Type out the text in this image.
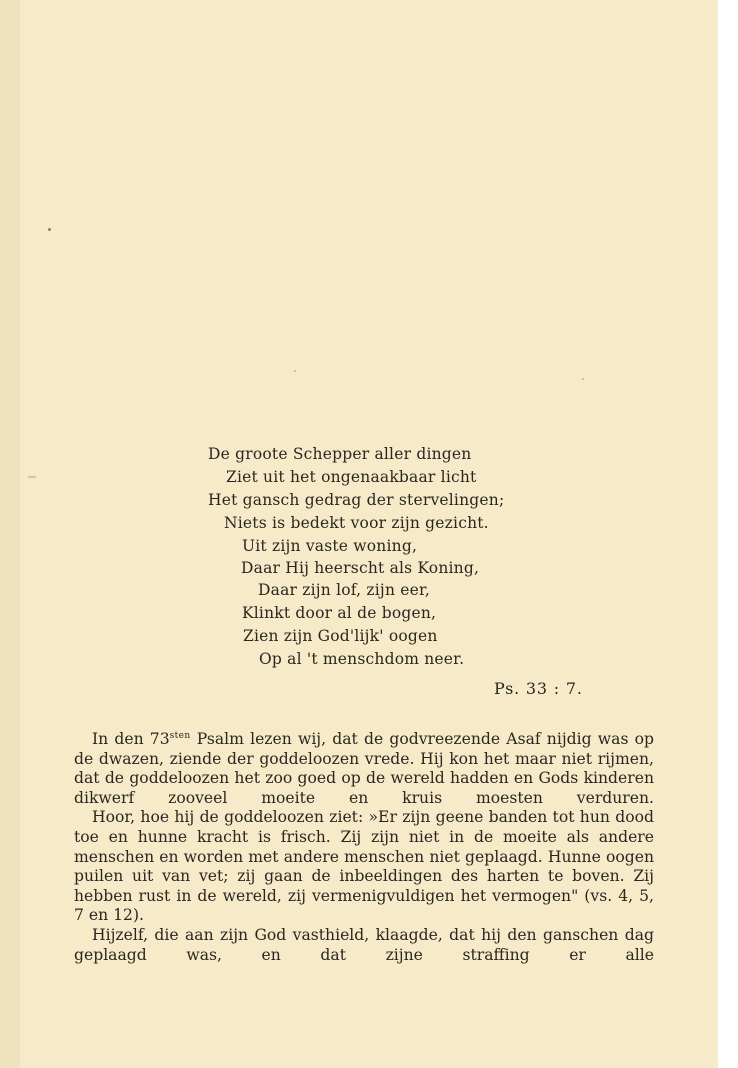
De groote Schepper aller dingen
Ziet uit het ongenaakbaar licht
Het gansch gedrag der stervelingen;
Niets is bedekt voor zijn gezicht.
Uit zijn vaste woning,
Daar Hij heerscht als Koning,
Daar zijn lof, zijn eer,
Klinkt door al de bogen,
Zien zijn God'lijk' oogen
Op al 't menschdom neer.
Ps. 33 : 7.

In den $73^{sten}$ Psalm lezen wij, dat de godvreezende Asaf nijdig was op de dwazen, ziende der goddeloozen vrede. Hij kon het maar niet rijmen, dat de goddeloozen het zoo goed op de wereld hadden en Gods kinderen dikwerf zooveel moeite en kruis moesten verduren.

Hoor, hoe hij de goddeloozen ziet: »Er zijn geene banden tot hun dood toe en hunne kracht is frisch. Zij zijn niet in de moeite als andere menschen en worden met andere menschen niet geplaagd. Hunne oogen puilen uit van vet; zij gaan de inbeeldingen des harten te boven. Zij hebben rust in de wereld, zij vermenigvuldigen het vermogen" (vs. 4, 5, 7 en 12).

Hijzelf, die aan zijn God vasthield, klaagde, dat hij den ganschen dag geplaagd was, en dat zijne straffing er alle
